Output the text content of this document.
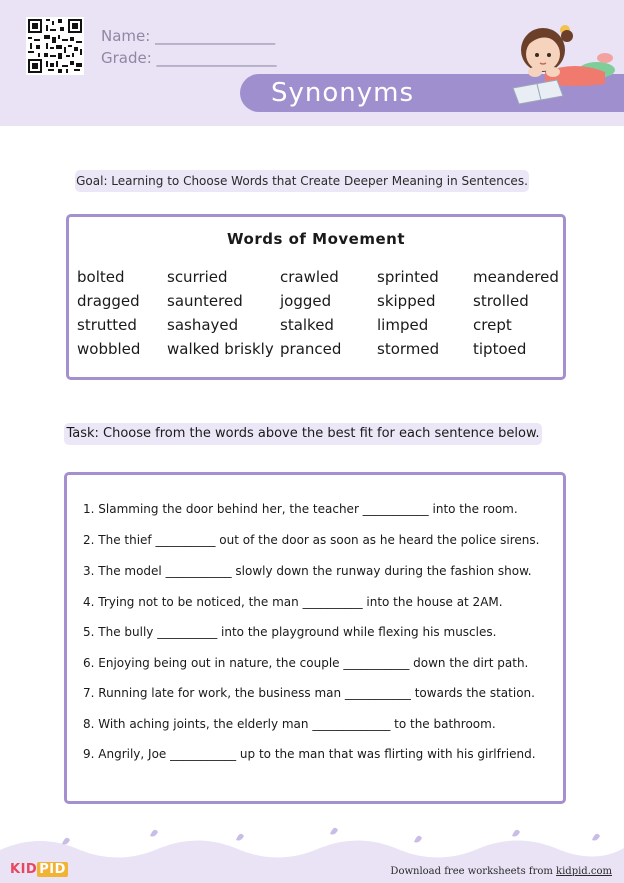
Name: ________________
Grade: ________________
Synonyms
Goal: Learning to Choose Words that Create Deeper Meaning in Sentences.
Words of Movement
bolted
dragged
strutted
wobbled
scurried
sauntered
sashayed
walked briskly
crawled
jogged
stalked
pranced
sprinted
skipped
limped
stormed
meandered
strolled
crept
tiptoed
Task: Choose from the words above the best fit for each sentence below.
1. Slamming the door behind her, the teacher ___________ into the room.
2. The thief __________ out of the door as soon as he heard the police sirens.
3. The model ___________ slowly down the runway during the fashion show.
4. Trying not to be noticed, the man __________ into the house at 2AM.
5. The bully __________ into the playground while flexing his muscles.
6. Enjoying being out in nature, the couple ___________ down the dirt path.
7. Running late for work, the business man ___________ towards the station.
8. With aching joints, the elderly man _____________ to the bathroom.
9. Angrily, Joe ___________ up to the man that was flirting with his girlfriend.
KID PID	Download free worksheets from kidpid.com
